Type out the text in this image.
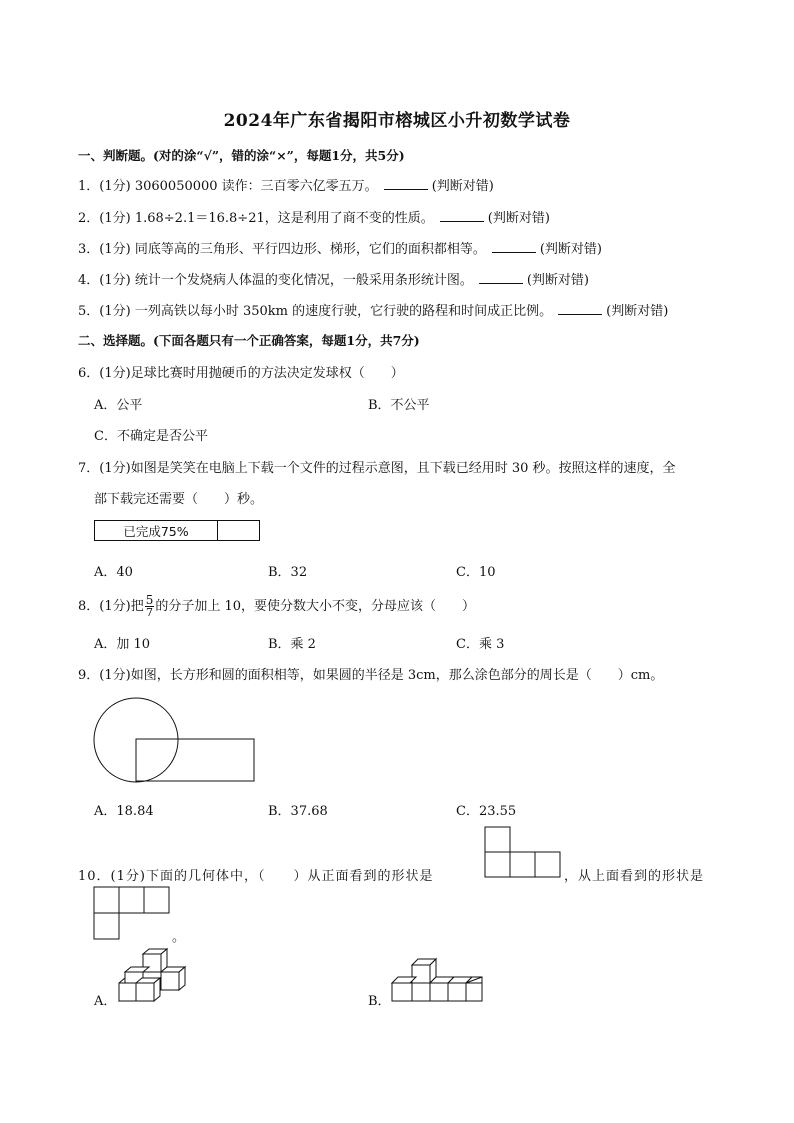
2024年广东省揭阳市榕城区小升初数学试卷
一、判断题。(对的涂“√”，错的涂“×”，每题1分，共5分)
1．(1分) 3060050000 读作：三百零六亿零五万。	(判断对错)
2．(1分) 1.68÷2.1＝16.8÷21，这是利用了商不变的性质。	(判断对错)
3．(1分) 同底等高的三角形、平行四边形、梯形，它们的面积都相等。	(判断对错)
4．(1分) 统计一个发烧病人体温的变化情况，一般采用条形统计图。	(判断对错)
5．(1分) 一列高铁以每小时 350km 的速度行驶，它行驶的路程和时间成正比例。	(判断对错)
二、选择题。(下面各题只有一个正确答案，每题1分，共7分)
6．(1分)足球比赛时用抛硬币的方法决定发球权（　　）
A．公平	B．不公平
C．不确定是否公平
7．(1分)如图是笑笑在电脑上下载一个文件的过程示意图，且下载已经用时 30 秒。按照这样的速度，全
部下载完还需要（　　）秒。
已完成75%
A．40	B．32	C．10
8．(1分)把 $\frac{5}{7}$ 的分子加上 10，要使分数大小不变，分母应该（　　）
A．加 10	B．乘 2	C．乘 3
9．(1分)如图，长方形和圆的面积相等，如果圆的半径是 3cm，那么涂色部分的周长是（　　）cm。
A．18.84	B．37.68	C．23.55
10．(1分)下面的几何体中，（　　）从正面看到的形状是	，从上面看到的形状是
。
A．	B．
